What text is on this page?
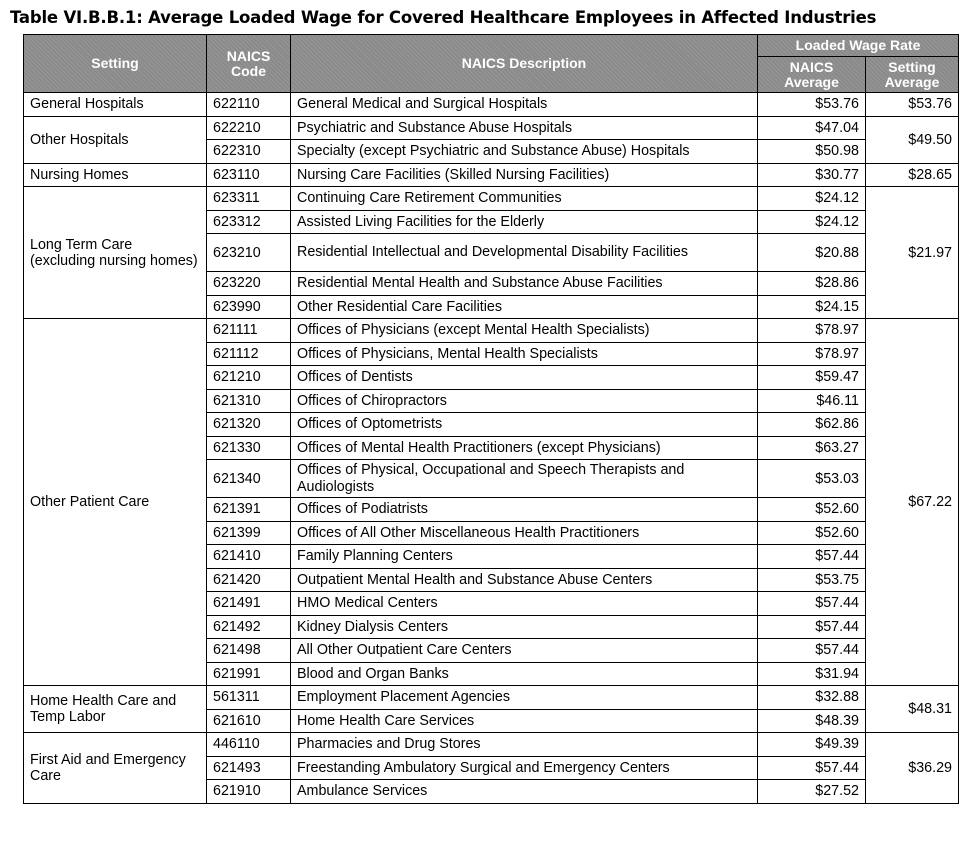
Table VI.B.B.1: Average Loaded Wage for Covered Healthcare Employees in Affected Industries
Setting	NAICS Code	NAICS Description	Loaded Wage Rate	
			NAICS Average	Setting Average
General Hospitals	622110	General Medical and Surgical Hospitals	$53.76	$53.76
Other Hospitals	622210	Psychiatric and Substance Abuse Hospitals	$47.04	$49.50
	622310	Specialty (except Psychiatric and Substance Abuse) Hospitals	$50.98	
Nursing Homes	623110	Nursing Care Facilities (Skilled Nursing Facilities)	$30.77	$28.65
Long Term Care (excluding nursing homes)	623311	Continuing Care Retirement Communities	$24.12	$21.97
	623312	Assisted Living Facilities for the Elderly	$24.12	
	623210	Residential Intellectual and Developmental Disability Facilities	$20.88	
	623220	Residential Mental Health and Substance Abuse Facilities	$28.86	
	623990	Other Residential Care Facilities	$24.15	
Other Patient Care	621111	Offices of Physicians (except Mental Health Specialists)	$78.97	$67.22
	621112	Offices of Physicians, Mental Health Specialists	$78.97	
	621210	Offices of Dentists	$59.47	
	621310	Offices of Chiropractors	$46.11	
	621320	Offices of Optometrists	$62.86	
	621330	Offices of Mental Health Practitioners (except Physicians)	$63.27	
	621340	Offices of Physical, Occupational and Speech Therapists and Audiologists	$53.03	
	621391	Offices of Podiatrists	$52.60	
	621399	Offices of All Other Miscellaneous Health Practitioners	$52.60	
	621410	Family Planning Centers	$57.44	
	621420	Outpatient Mental Health and Substance Abuse Centers	$53.75	
	621491	HMO Medical Centers	$57.44	
	621492	Kidney Dialysis Centers	$57.44	
	621498	All Other Outpatient Care Centers	$57.44	
	621991	Blood and Organ Banks	$31.94	
Home Health Care and Temp Labor	561311	Employment Placement Agencies	$32.88	$48.31
	621610	Home Health Care Services	$48.39	
First Aid and Emergency Care	446110	Pharmacies and Drug Stores	$49.39	$36.29
	621493	Freestanding Ambulatory Surgical and Emergency Centers	$57.44	
	621910	Ambulance Services	$27.52	
